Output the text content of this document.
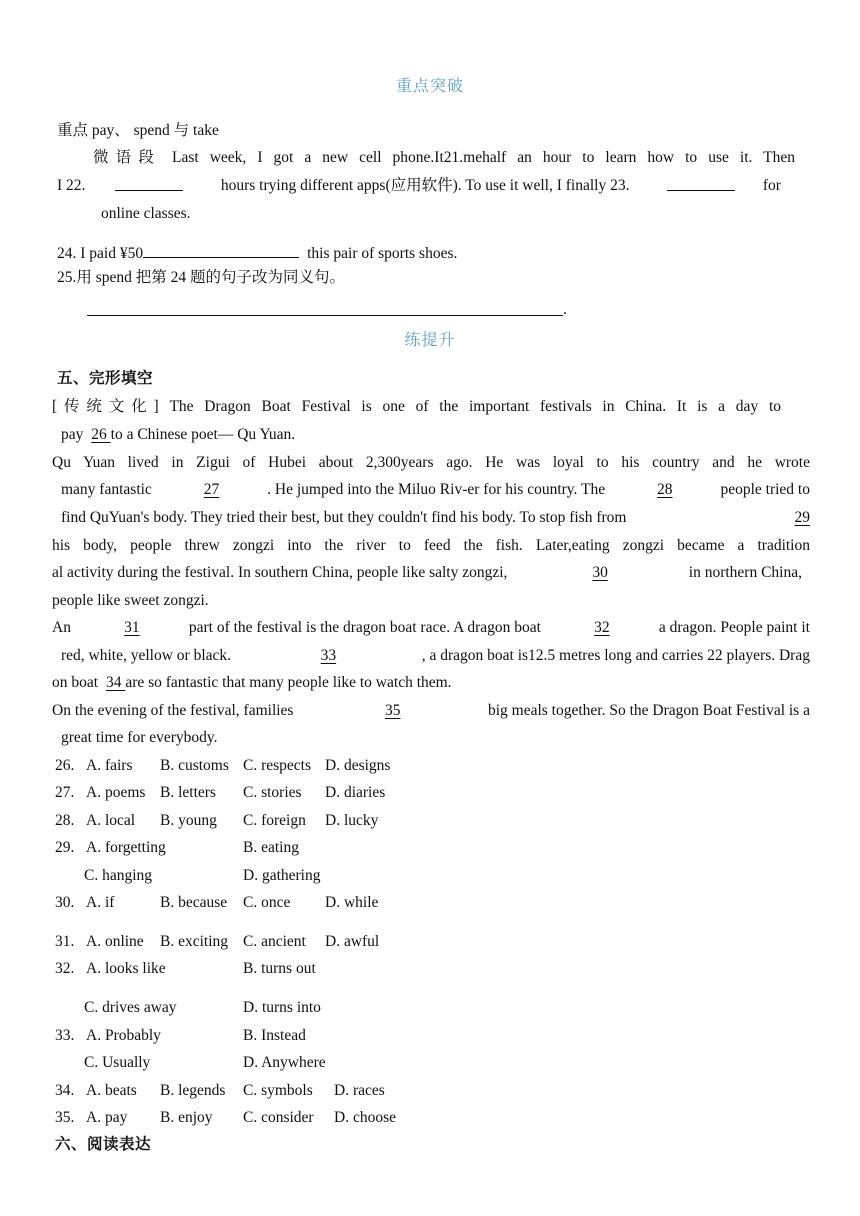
重点突破
重点 pay、 spend 与 take
微语段 Last week, I got a new cell phone.It21.mehalf an hour to learn how to use it. Then
I 22.	hours trying different apps(应用软件). To use it well, I finally 23.	for
online classes.
24. I paid ¥50	this pair of sports shoes.
25.用 spend 把第 24 题的句子改为同义句。
.
练提升
五、完形填空
[传统文化] The Dragon Boat Festival is one of the important festivals in China. It is a day to
pay 26 to a Chinese poet— Qu Yuan.
Qu Yuan lived in Zigui of Hubei about 2,300years ago. He was loyal to his country and he wrote
many fantastic	27	. He jumped into the Miluo Riv-er for his country. The	28	people tried to
find QuYuan's body. They tried their best, but they couldn't find his body. To stop fish from	29
his body, people threw zongzi into the river to feed the fish. Later,eating zongzi became a tradition
al activity during the festival. In southern China, people like salty zongzi,	30	in northern China,
people like sweet zongzi.
An	31	part of the festival is the dragon boat race. A dragon boat	32	a dragon. People paint it
red, white, yellow or black.	33	, a dragon boat is12.5 metres long and carries 22 players. Drag
on boat 34 are so fantastic that many people like to watch them.
On the evening of the festival, families	35	big meals together. So the Dragon Boat Festival is a
great time for everybody.
26. A. fairs B. customs C. respects D. designs
27. A. poems B. letters C. stories D. diaries
28. A. local B. young C. foreign D. lucky
29. A. forgetting	B. eating
C. hanging	D. gathering
30. A. if	B. because C. once D. while
31. A. online B. exciting C. ancient D. awful
32. A. looks like	B. turns out
C. drives away	D. turns into
33. A. Probably	B. Instead
C. Usually	D. Anywhere
34. A. beats B. legends C. symbols D. races
35. A. pay B. enjoy C. consider D. choose
六、阅读表达
